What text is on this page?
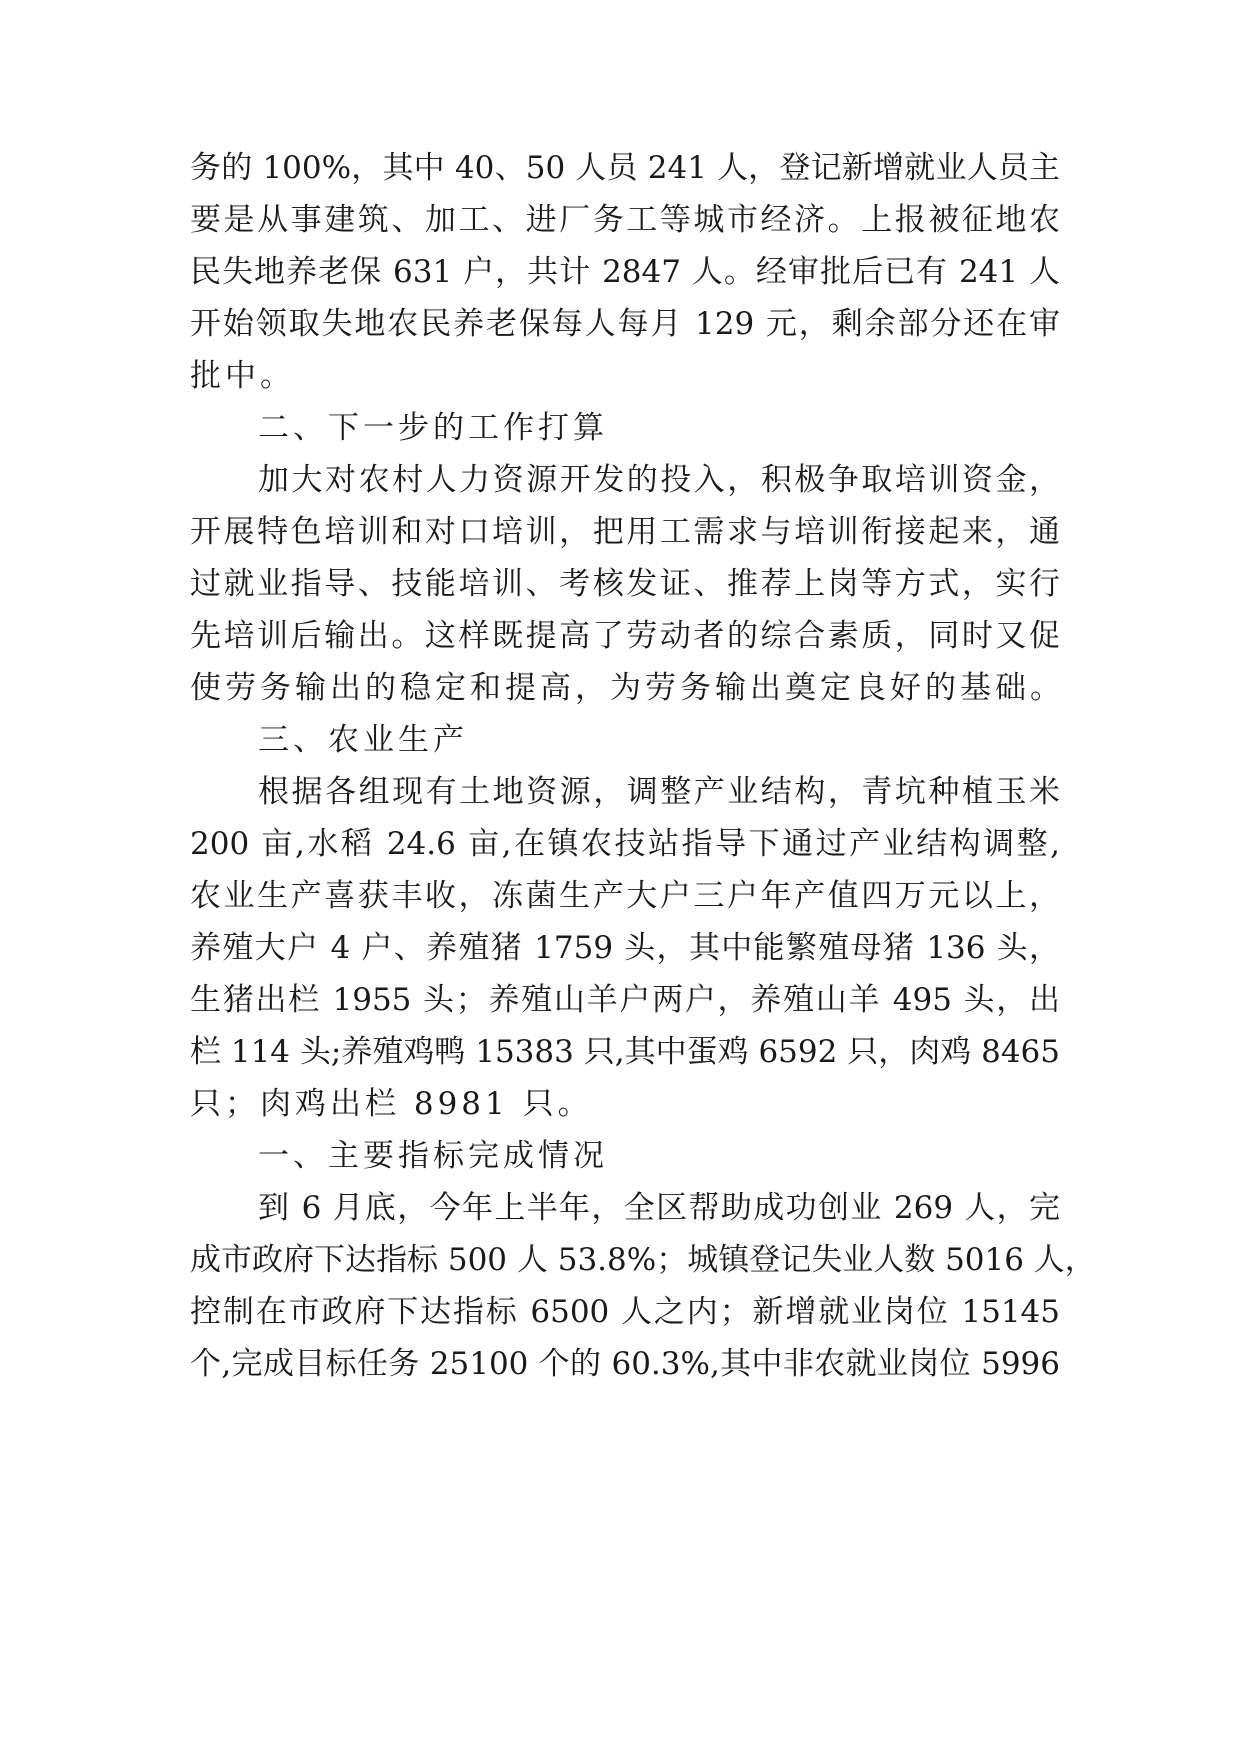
务的 100%，其中 40、50 人员 241 人，登记新增就业人员主
要是从事建筑、加工、进厂务工等城市经济。上报被征地农
民失地养老保 631 户，共计 2847 人。经审批后已有 241 人
开始领取失地农民养老保每人每月 129 元，剩余部分还在审
批中。
二、下一步的工作打算
加大对农村人力资源开发的投入，积极争取培训资金，
开展特色培训和对口培训，把用工需求与培训衔接起来，通
过就业指导、技能培训、考核发证、推荐上岗等方式，实行
先培训后输出。这样既提高了劳动者的综合素质，同时又促
使劳务输出的稳定和提高，为劳务输出奠定良好的基础。
三、农业生产
根据各组现有土地资源，调整产业结构，青坑种植玉米
200 亩,水稻 24.6 亩,在镇农技站指导下通过产业结构调整,
农业生产喜获丰收，冻菌生产大户三户年产值四万元以上，
养殖大户 4 户、养殖猪 1759 头，其中能繁殖母猪 136 头，
生猪出栏 1955 头；养殖山羊户两户，养殖山羊 495 头，出
栏 114 头;养殖鸡鸭 15383 只,其中蛋鸡 6592 只，肉鸡 8465
只；肉鸡出栏 8981 只。
一、主要指标完成情况
到 6 月底，今年上半年，全区帮助成功创业 269 人，完
成市政府下达指标 500 人 53.8%；城镇登记失业人数 5016 人，
控制在市政府下达指标 6500 人之内；新增就业岗位 15145
个,完成目标任务 25100 个的 60.3%,其中非农就业岗位 5996
